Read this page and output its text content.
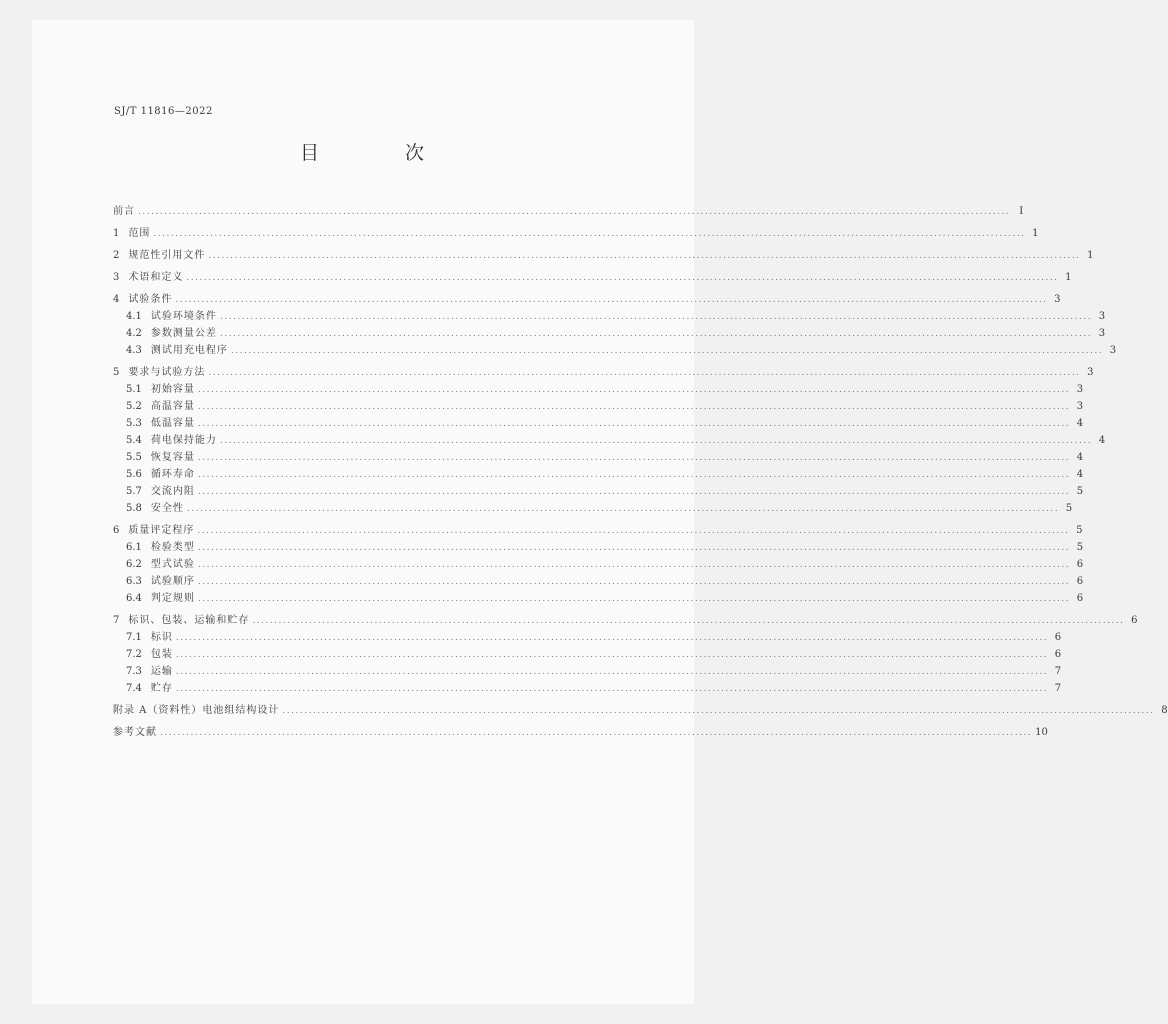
SJ/T 11816—2022
目 次
前言 ........................................................................................................................................................................................................ I
1 范围 ........................................................................................................................................................................................................ 1
2 规范性引用文件 ........................................................................................................................................................................................................ 1
3 术语和定义 ........................................................................................................................................................................................................ 1
4 试验条件 ........................................................................................................................................................................................................ 3
4.1 试验环境条件 ........................................................................................................................................................................................................ 3
4.2 参数测量公差 ........................................................................................................................................................................................................ 3
4.3 测试用充电程序 ........................................................................................................................................................................................................ 3
5 要求与试验方法 ........................................................................................................................................................................................................ 3
5.1 初始容量 ........................................................................................................................................................................................................ 3
5.2 高温容量 ........................................................................................................................................................................................................ 3
5.3 低温容量 ........................................................................................................................................................................................................ 4
5.4 荷电保持能力 ........................................................................................................................................................................................................ 4
5.5 恢复容量 ........................................................................................................................................................................................................ 4
5.6 循环寿命 ........................................................................................................................................................................................................ 4
5.7 交流内阻 ........................................................................................................................................................................................................ 5
5.8 安全性 ........................................................................................................................................................................................................ 5
6 质量评定程序 ........................................................................................................................................................................................................ 5
6.1 检验类型 ........................................................................................................................................................................................................ 5
6.2 型式试验 ........................................................................................................................................................................................................ 6
6.3 试验顺序 ........................................................................................................................................................................................................ 6
6.4 判定规则 ........................................................................................................................................................................................................ 6
7 标识、包装、运输和贮存 ........................................................................................................................................................................................................ 6
7.1 标识 ........................................................................................................................................................................................................ 6
7.2 包装 ........................................................................................................................................................................................................ 6
7.3 运输 ........................................................................................................................................................................................................ 7
7.4 贮存 ........................................................................................................................................................................................................ 7
附录 A（资料性） 电池组结构设计 ........................................................................................................................................................................................................ 8
参考文献 ........................................................................................................................................................................................................ 10
